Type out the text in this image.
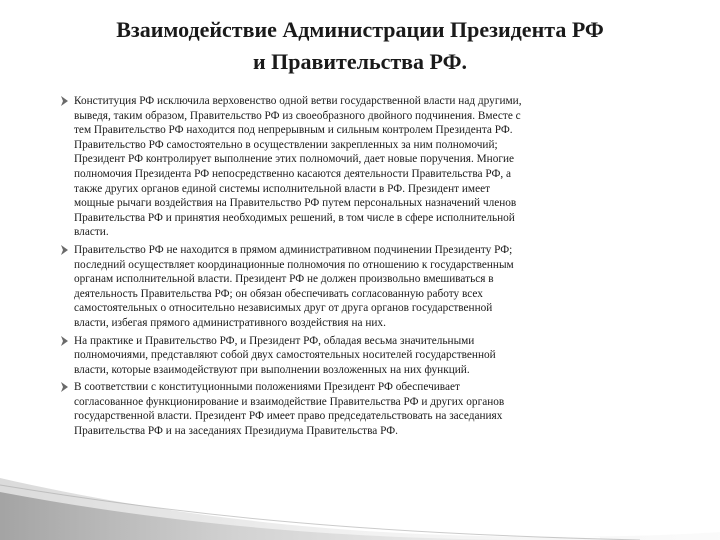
Взаимодействие Администрации Президента РФ
и Правительства РФ.
Конституция РФ исключила верховенство одной ветви государственной власти над другими,
выведя, таким образом, Правительство РФ из своеобразного двойного подчинения. Вместе с
тем Правительство РФ находится под непрерывным и сильным контролем Президента РФ.
Правительство РФ самостоятельно в осуществлении закрепленных за ним полномочий;
Президент РФ контролирует выполнение этих полномочий, дает новые поручения. Многие
полномочия Президента РФ непосредственно касаются деятельности Правительства РФ, а
также других органов единой системы исполнительной власти в РФ. Президент имеет
мощные рычаги воздействия на Правительство РФ путем персональных назначений членов
Правительства РФ и принятия необходимых решений, в том числе в сфере исполнительной
власти.
Правительство РФ не находится в прямом административном подчинении Президенту РФ;
последний осуществляет координационные полномочия по отношению к государственным
органам исполнительной власти. Президент РФ не должен произвольно вмешиваться в
деятельность Правительства РФ; он обязан обеспечивать согласованную работу всех
самостоятельных о относительно независимых друг от друга органов государственной
власти, избегая прямого административного воздействия на них.
На практике и Правительство РФ, и Президент РФ, обладая весьма значительными
полномочиями, представляют собой двух самостоятельных носителей государственной
власти, которые взаимодействуют при выполнении возложенных на них функций.
В соответствии с конституционными положениями Президент РФ обеспечивает
согласованное функционирование и взаимодействие Правительства РФ и других органов
государственной власти. Президент РФ имеет право председательствовать на заседаниях
Правительства РФ и на заседаниях Президиума Правительства РФ.
